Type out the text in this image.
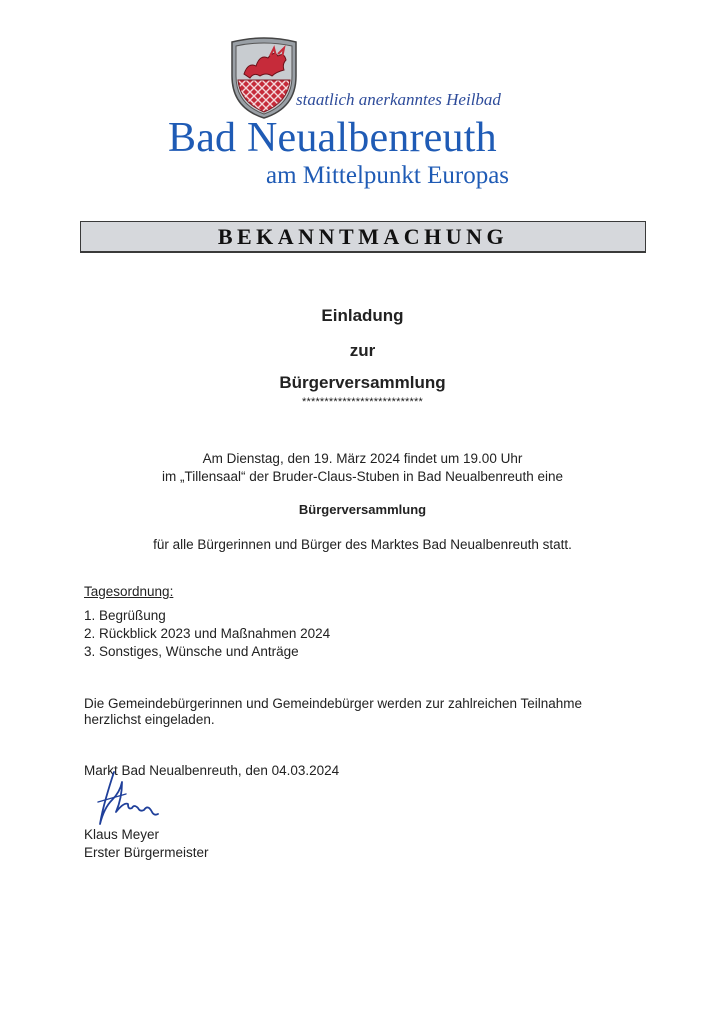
staatlich anerkanntes Heilbad
Bad Neualbenreuth
am Mittelpunkt Europas
BEKANNTMACHUNG
Einladung
zur
Bürgerversammlung
***************************
Am Dienstag, den 19. März 2024 findet um 19.00 Uhr
im „Tillensaal“ der Bruder-Claus-Stuben in Bad Neualbenreuth eine
Bürgerversammlung
für alle Bürgerinnen und Bürger des Marktes Bad Neualbenreuth statt.
Tagesordnung:
1. Begrüßung
2. Rückblick 2023 und Maßnahmen 2024
3. Sonstiges, Wünsche und Anträge
Die Gemeindebürgerinnen und Gemeindebürger werden zur zahlreichen Teilnahme
herzlichst eingeladen.
Markt Bad Neualbenreuth, den 04.03.2024
Klaus Meyer
Erster Bürgermeister
